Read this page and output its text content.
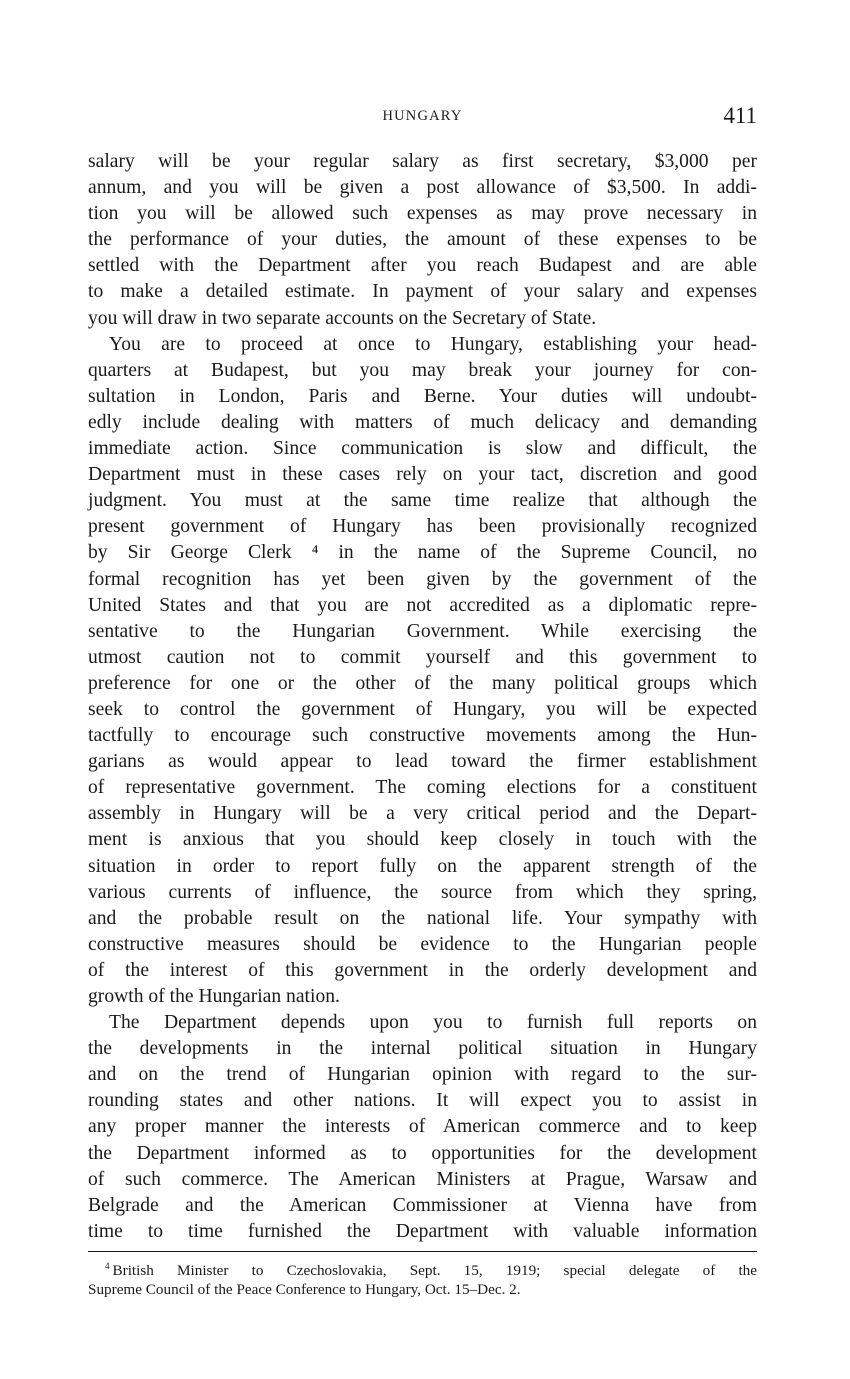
HUNGARY	411

salary will be your regular salary as first secretary, $3,000 per
annum, and you will be given a post allowance of $3,500. In addi-
tion you will be allowed such expenses as may prove necessary in
the performance of your duties, the amount of these expenses to be
settled with the Department after you reach Budapest and are able
to make a detailed estimate. In payment of your salary and expenses
you will draw in two separate accounts on the Secretary of State.

You are to proceed at once to Hungary, establishing your head-
quarters at Budapest, but you may break your journey for con-
sultation in London, Paris and Berne. Your duties will undoubt-
edly include dealing with matters of much delicacy and demanding
immediate action. Since communication is slow and difficult, the
Department must in these cases rely on your tact, discretion and good
judgment. You must at the same time realize that although the
present government of Hungary has been provisionally recognized
by Sir George Clerk ⁴ in the name of the Supreme Council, no
formal recognition has yet been given by the government of the
United States and that you are not accredited as a diplomatic repre-
sentative to the Hungarian Government. While exercising the
utmost caution not to commit yourself and this government to
preference for one or the other of the many political groups which
seek to control the government of Hungary, you will be expected
tactfully to encourage such constructive movements among the Hun-
garians as would appear to lead toward the firmer establishment
of representative government. The coming elections for a constituent
assembly in Hungary will be a very critical period and the Depart-
ment is anxious that you should keep closely in touch with the
situation in order to report fully on the apparent strength of the
various currents of influence, the source from which they spring,
and the probable result on the national life. Your sympathy with
constructive measures should be evidence to the Hungarian people
of the interest of this government in the orderly development and
growth of the Hungarian nation.

The Department depends upon you to furnish full reports on
the developments in the internal political situation in Hungary
and on the trend of Hungarian opinion with regard to the sur-
rounding states and other nations. It will expect you to assist in
any proper manner the interests of American commerce and to keep
the Department informed as to opportunities for the development
of such commerce. The American Ministers at Prague, Warsaw and
Belgrade and the American Commissioner at Vienna have from
time to time furnished the Department with valuable information

$^4$ British Minister to Czechoslovakia, Sept. 15, 1919; special delegate of the
Supreme Council of the Peace Conference to Hungary, Oct. 15–Dec. 2.
